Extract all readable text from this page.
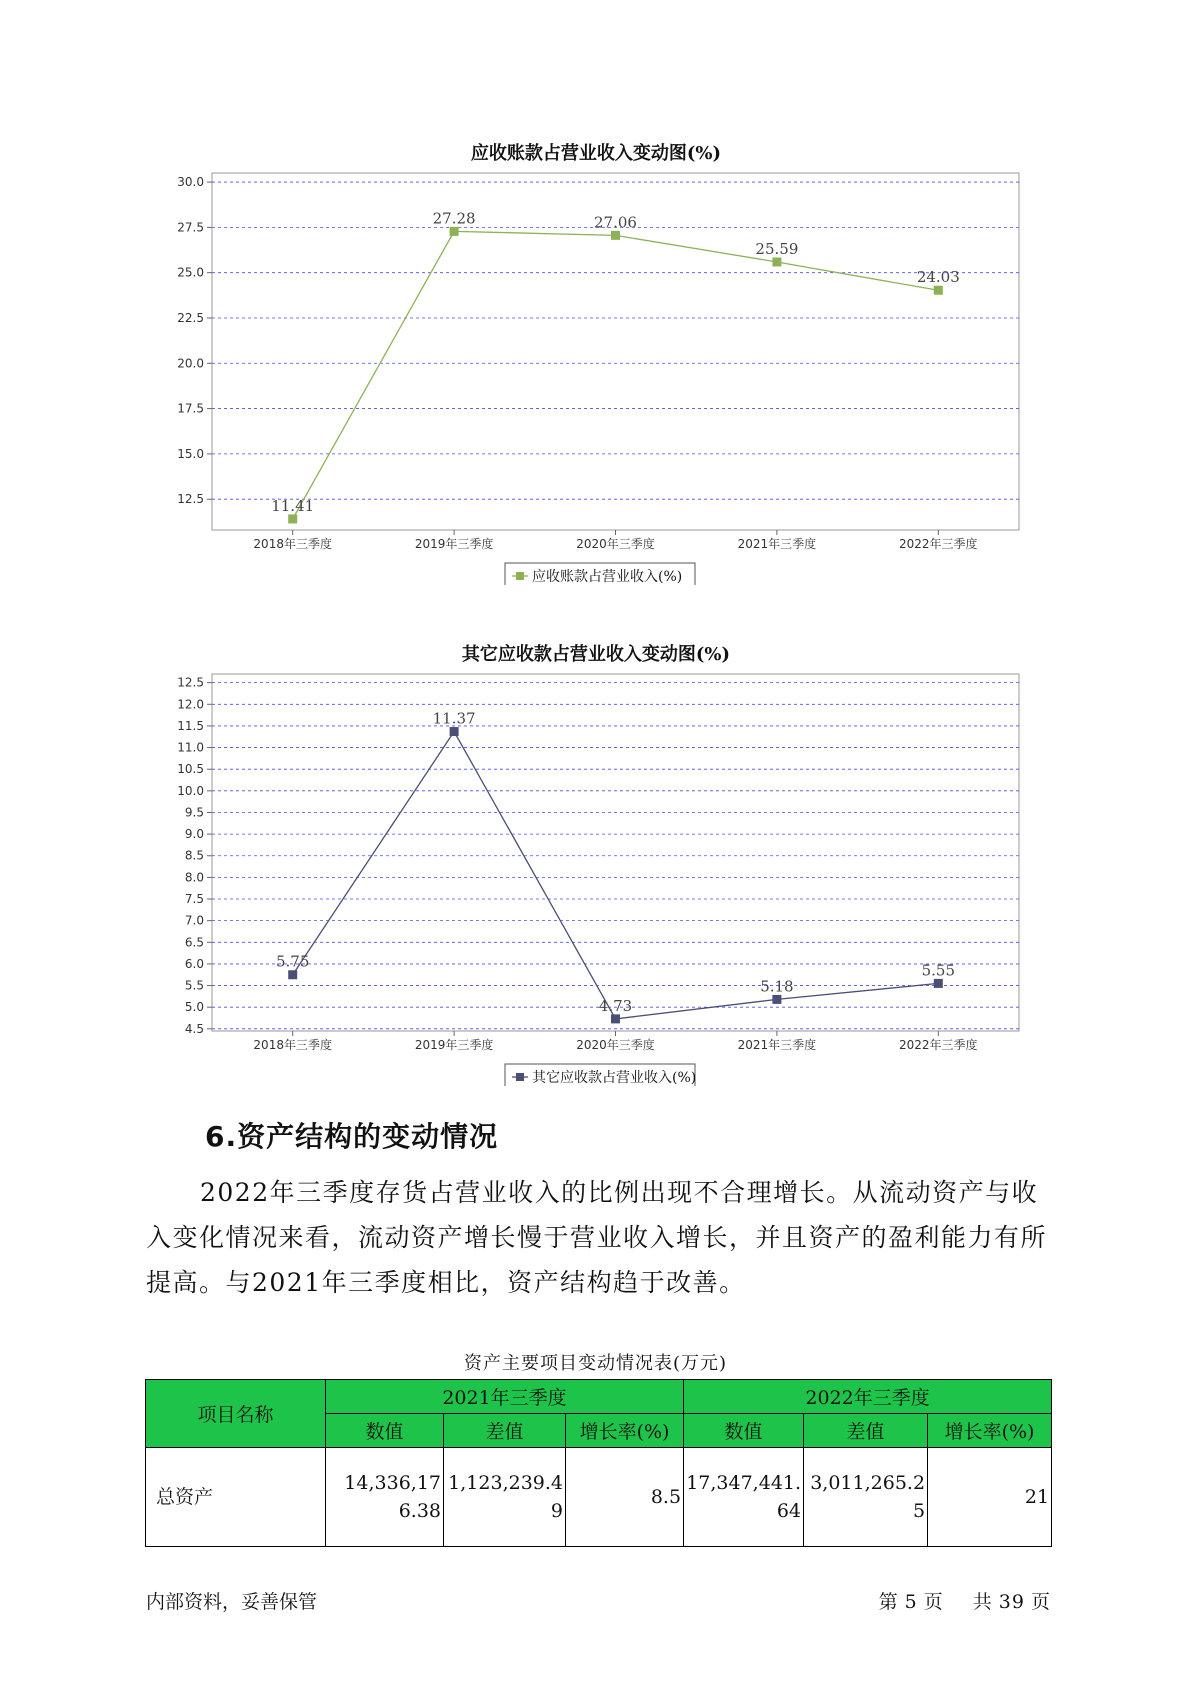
应收账款占营业收入变动图(%)
12.5
15.0
17.5
20.0
22.5
25.0
27.5
30.0
2018年三季度	2019年三季度	2020年三季度	2021年三季度	2022年三季度
11.41
27.28	27.06
25.59
24.03
应收账款占营业收入(%)
其它应收款占营业收入变动图(%)
4.5
5.0
5.5
6.0
6.5
7.0
7.5
8.0
8.5
9.0
9.5
10.0
10.5
11.0
11.5
12.0
12.5
2018年三季度	2019年三季度	2020年三季度	2021年三季度	2022年三季度
5.75
11.37
4.73
5.18
5.55
其它应收款占营业收入(%)
6.资产结构的变动情况

2022年三季度存货占营业收入的比例出现不合理增长。从流动资产与收入变化情况来看，流动资产增长慢于营业收入增长，并且资产的盈利能力有所提高。与2021年三季度相比，资产结构趋于改善。

资产主要项目变动情况表(万元)
项目名称	2021年三季度			2022年三季度		
	数值	差值	增长率(%)	数值	差值	增长率(%)
总资产	14,336,176.38	1,123,239.49	8.5	17,347,441.64	3,011,265.25	21
内部资料，妥善保管	第 5 页 共 39 页
